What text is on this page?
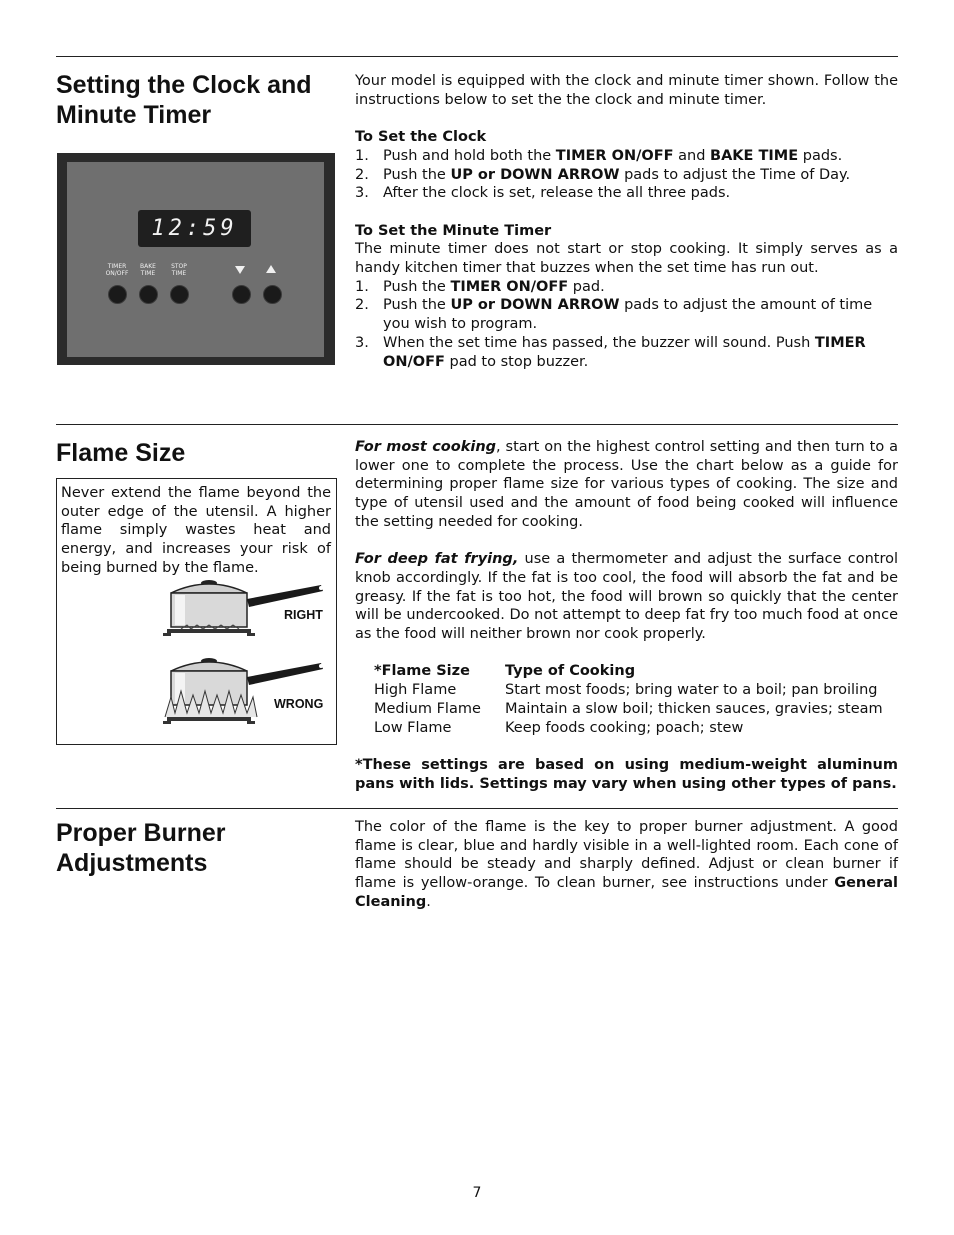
Setting the Clock and Minute Timer
12:59
TIMER
ON/OFF
BAKE
TIME
STOP
TIME

Your model is equipped with the clock and minute timer shown. Follow the instructions below to set the the clock and minute timer.

To Set the Clock
1. Push and hold both the TIMER ON/OFF and BAKE TIME pads.
2. Push the UP or DOWN ARROW pads to adjust the Time of Day.
3. After the clock is set, release the all three pads.
To Set the Minute Timer

The minute timer does not start or stop cooking. It simply serves as a handy kitchen timer that buzzes when the set time has run out.

1. Push the TIMER ON/OFF pad.
2. Push the UP or DOWN ARROW pads to adjust the amount of time you wish to program.
3. When the set time has passed, the buzzer will sound. Push TIMER ON/OFF pad to stop buzzer.
Flame Size

Never extend the flame beyond the outer edge of the utensil. A higher flame simply wastes heat and energy, and increases your risk of being burned by the flame.

RIGHT
WRONG

For most cooking, start on the highest control setting and then turn to a lower one to complete the process. Use the chart below as a guide for determining proper flame size for various types of cooking. The size and type of utensil used and the amount of food being cooked will influence the setting needed for cooking.

For deep fat frying, use a thermometer and adjust the surface control knob accordingly. If the fat is too cool, the food will absorb the fat and be greasy. If the fat is too hot, the food will brown so quickly that the center will be undercooked. Do not attempt to deep fat fry too much food at once as the food will neither brown nor cook properly.

*Flame Size	Type of Cooking
High Flame	Start most foods; bring water to a boil; pan broiling
Medium Flame	Maintain a slow boil; thicken sauces, gravies; steam
Low Flame	Keep foods cooking; poach; stew

*These settings are based on using medium-weight aluminum pans with lids. Settings may vary when using other types of pans.

Proper Burner Adjustments

The color of the flame is the key to proper burner adjustment. A good flame is clear, blue and hardly visible in a well-lighted room. Each cone of flame should be steady and sharply defined. Adjust or clean burner if flame is yellow-orange. To clean burner, see instructions under General Cleaning.

7
